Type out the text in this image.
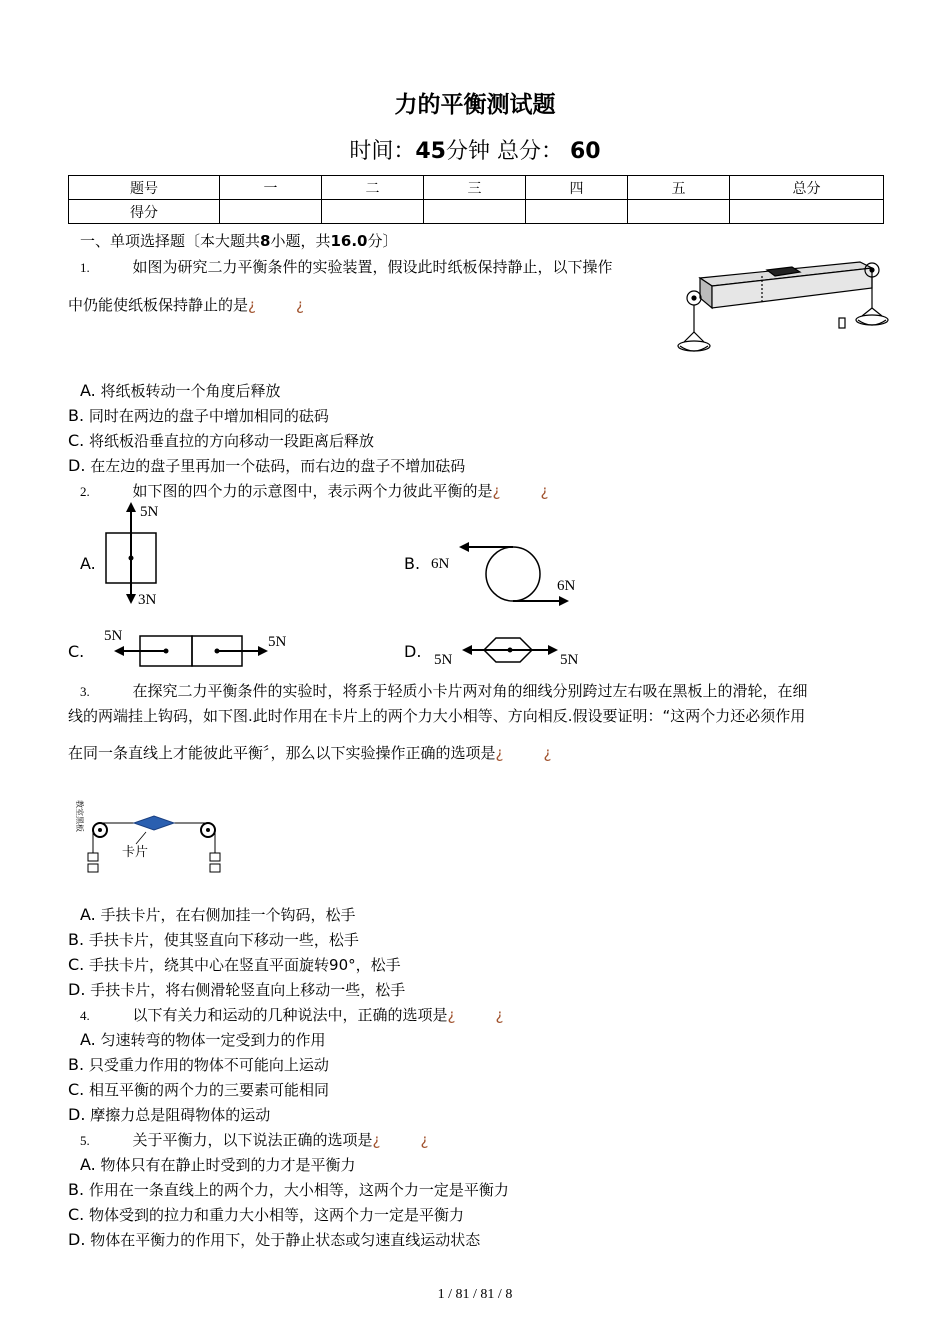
力的平衡测试题
时间：45分钟 总分： 60
题号	一	二	三	四	五	总分
得分						
一、单项选择题〔本大题共8小题，共16.0分〕
1.	如图为研究二力平衡条件的实验装置，假设此时纸板保持静止，以下操作
中仍能使纸板保持静止的是¿	¿
A. 将纸板转动一个角度后释放
B. 同时在两边的盘子中增加相同的砝码
C. 将纸板沿垂直拉的方向移动一段距离后释放
D. 在左边的盘子里再加一个砝码，而右边的盘子不增加砝码
2.	如下图的四个力的示意图中，表示两个力彼此平衡的是¿	¿
A.
5N
3N
B. 6N
6N
C.
5N	5N	D. 5N	5N
3.	在探究二力平衡条件的实验时，将系于轻质小卡片两对角的细线分别跨过左右吸在黑板上的滑轮，在细
线的两端挂上钩码，如下图.此时作用在卡片上的两个力大小相等、方向相反.假设要证明：“这两个力还必须作用
在同一条直线上才能彼此平衡〞，那么以下实验操作正确的选项是¿	¿
教室黑板
卡片
A. 手扶卡片，在右侧加挂一个钩码，松手
B. 手扶卡片，使其竖直向下移动一些，松手
C. 手扶卡片，绕其中心在竖直平面旋转90°，松手
D. 手扶卡片，将右侧滑轮竖直向上移动一些，松手
4.	以下有关力和运动的几种说法中，正确的选项是¿	¿
A. 匀速转弯的物体一定受到力的作用
B. 只受重力作用的物体不可能向上运动
C. 相互平衡的两个力的三要素可能相同
D. 摩擦力总是阻碍物体的运动
5.	关于平衡力，以下说法正确的选项是¿	¿
A. 物体只有在静止时受到的力才是平衡力
B. 作用在一条直线上的两个力，大小相等，这两个力一定是平衡力
C. 物体受到的拉力和重力大小相等，这两个力一定是平衡力
D. 物体在平衡力的作用下，处于静止状态或匀速直线运动状态
1 / 81 / 81 / 8
